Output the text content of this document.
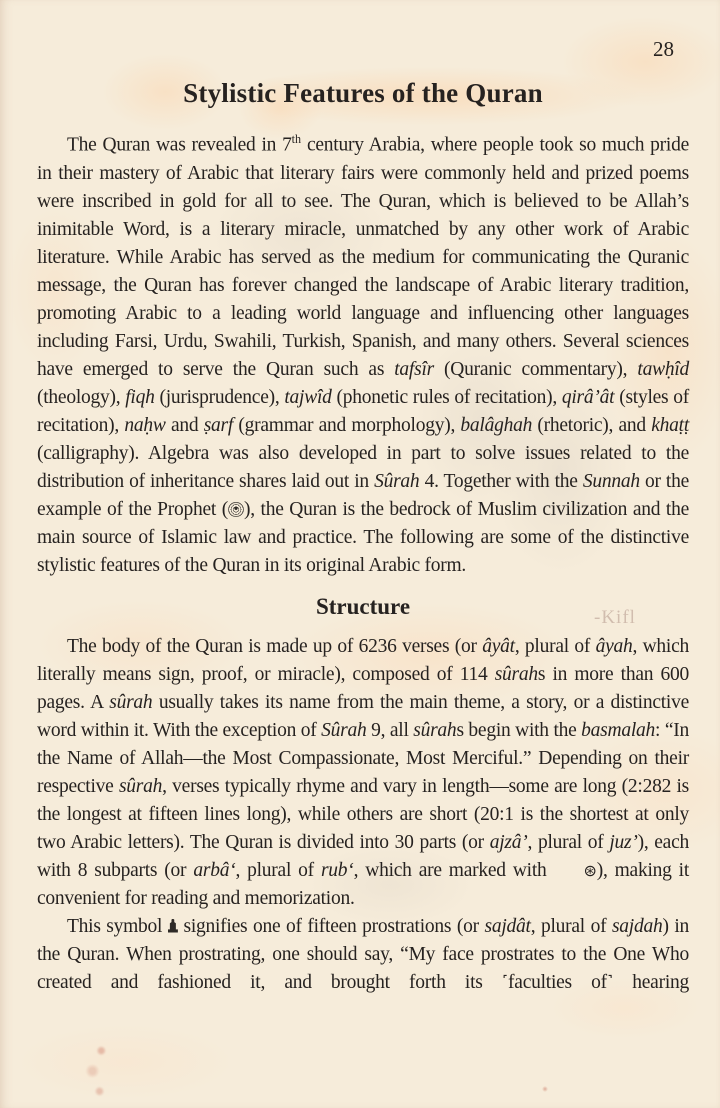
28
Stylistic Features of the Quran

The Quran was revealed in 7th century Arabia, where people took so much pride in their mastery of Arabic that literary fairs were commonly held and prized poems were inscribed in gold for all to see. The Quran, which is believed to be Allah’s inimitable Word, is a literary miracle, unmatched by any other work of Arabic literature. While Arabic has served as the medium for communicating the Quranic message, the Quran has forever changed the landscape of Arabic literary tradition, promoting Arabic to a leading world language and influencing other languages including Farsi, Urdu, Swahili, Turkish, Spanish, and many others. Several sciences have emerged to serve the Quran such as tafsîr (Quranic commentary), tawḥîd (theology), fiqh (jurisprudence), tajwîd (phonetic rules of recitation), qirâ’ât (styles of recitation), naḥw and ṣarf (grammar and morphology), balâghah (rhetoric), and khaṭṭ (calligraphy). Algebra was also developed in part to solve issues related to the distribution of inheritance shares laid out in Sûrah 4. Together with the Sunnah or the example of the Prophet ( ), the Quran is the bedrock of Muslim civilization and the main source of Islamic law and practice. The following are some of the distinctive stylistic features of the Quran in its original Arabic form.

Structure

The body of the Quran is made up of 6236 verses (or âyât, plural of âyah, which literally means sign, proof, or miracle), composed of 114 sûrahs in more than 600 pages. A sûrah usually takes its name from the main theme, a story, or a distinctive word within it. With the exception of Sûrah 9, all sûrahs begin with the basmalah: “In the Name of Allah—the Most Compassionate, Most Merciful.” Depending on their respective sûrah, verses typically rhyme and vary in length—some are long (2:282 is the longest at fifteen lines long), while others are short (20:1 is the shortest at only two Arabic letters). The Quran is divided into 30 parts (or ajzâ’, plural of juz’), each with 8 subparts (or arbâ‘, plural of rub‘, which are marked with ⊛), making it convenient for reading and memorization.

This symbol  signifies one of fifteen prostrations (or sajdât, plural of sajdah) in the Quran. When prostrating, one should say, “My face prostrates to the One Who created and fashioned it, and brought forth its ˹faculties of˺ hearing

-Kifl
